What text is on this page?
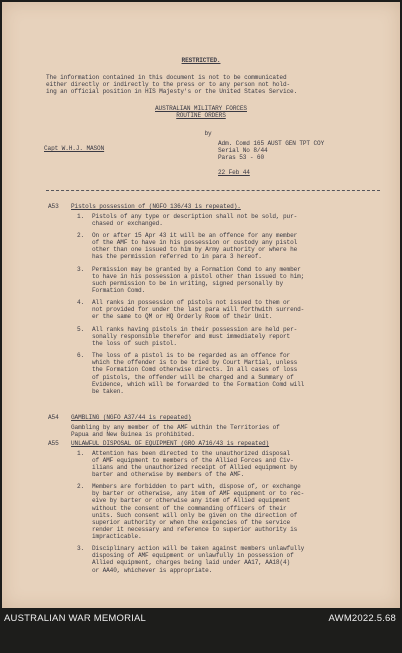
RESTRICTED.
The information contained in this document is not to be communicated
either directly or indirectly to the press or to any person not hold-
ing an official position in HIS Majesty's or the United States Service.
AUSTRALIAN MILITARY FORCES
ROUTINE ORDERS
by
Capt W.H.J. MASON
Adm. Comd 165 AUST GEN TPT COY
Serial No 8/44
Paras 53 - 60
22 Feb 44
A53 Pistols possession of (NGFO 136/43 is repeated).
1. Pistols of any type or description shall not be sold, pur-
chased or exchanged.
2. On or after 15 Apr 43 it will be an offence for any member
of the AMF to have in his possession or custody any pistol
other than one issued to him by Army authority or where he
has the permission referred to in para 3 hereof.
3. Permission may be granted by a Formation Comd to any member
to have in his possession a pistol other than issued to him;
such permission to be in writing, signed personally by
Formation Comd.
4. All ranks in possession of pistols not issued to them or
not provided for under the last para will forthwith surrend-
er the same to QM or HQ Orderly Room of their Unit.
5. All ranks having pistols in their possession are held per-
sonally responsible therefor and must immediately report
the loss of such pistol.
6. The loss of a pistol is to be regarded as an offence for
which the offender is to be tried by Court Martial, unless
the Formation Comd otherwise directs. In all cases of loss
of pistols, the offender will be charged and a Summary of
Evidence, which will be forwarded to the Formation Comd will
be taken.
A54 GAMBLING (NGFO A37/44 is repeated)
Gambling by any member of the AMF within the Territories of
Papua and New Guinea is prohibited.
A55 UNLAWFUL DISPOSAL OF EQUIPMENT (GRO A716/43 is repeated)
1. Attention has been directed to the unauthorized disposal
of AMF equipment to members of the Allied Forces and Civ-
ilians and the unauthorized receipt of Allied equipment by
barter and otherwise by members of the AMF.
2. Members are forbidden to part with, dispose of, or exchange
by barter or otherwise, any item of AMF equipment or to rec-
eive by barter or otherwise any item of Allied equipment
without the consent of the commanding officers of their
units. Such consent will only be given on the direction of
superior authority or when the exigencies of the service
render it necessary and reference to superior authority is
impracticable.
3. Disciplinary action will be taken against members unlawfully
disposing of AMF equipment or unlawfully in possession of
Allied equipment, charges being laid under AA17, AA18(4)
or AA40, whichever is appropriate.
AUSTRALIAN WAR MEMORIAL	AWM2022.5.68
